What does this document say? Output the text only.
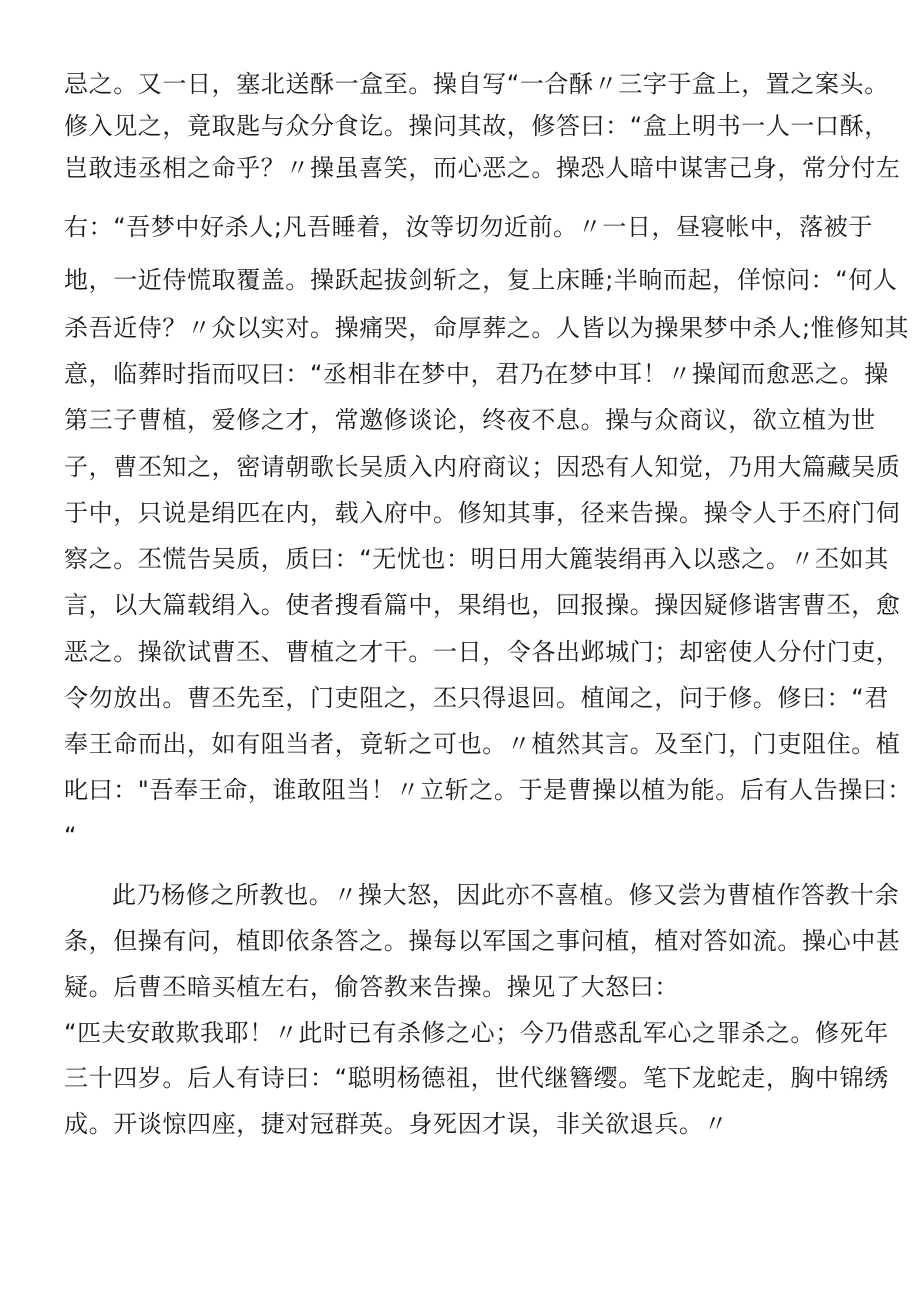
忌之。又一日，塞北送酥一盒至。操自写“一合酥〃三字于盒上，置之案头。

修入见之，竟取匙与众分食讫。操问其故，修答曰：“盒上明书一人一口酥，

岂敢违丞相之命乎？〃操虽喜笑，而心恶之。操恐人暗中谋害己身，常分付左

右：“吾梦中好杀人;凡吾睡着，汝等切勿近前。〃一日，昼寝帐中，落被于

地，一近侍慌取覆盖。操跃起拔剑斩之，复上床睡;半晌而起，佯惊问：“何人

杀吾近侍？〃众以实对。操痛哭，命厚葬之。人皆以为操果梦中杀人;惟修知其

意，临葬时指而叹曰：“丞相非在梦中，君乃在梦中耳！〃操闻而愈恶之。操

第三子曹植，爱修之才，常邀修谈论，终夜不息。操与众商议，欲立植为世

子，曹丕知之，密请朝歌长吴质入内府商议；因恐有人知觉，乃用大篇藏吴质

于中，只说是绢匹在内，载入府中。修知其事，径来告操。操令人于丕府门伺

察之。丕慌告吴质，质曰：“无忧也：明日用大簏装绢再入以惑之。〃丕如其

言，以大篇载绢入。使者搜看篇中，果绢也，回报操。操因疑修谐害曹丕，愈

恶之。操欲试曹丕、曹植之才干。一日，令各出邺城门；却密使人分付门吏，

令勿放出。曹丕先至，门吏阻之，丕只得退回。植闻之，问于修。修曰：“君

奉王命而出，如有阻当者，竟斩之可也。〃植然其言。及至门，门吏阻住。植

叱曰："吾奉王命，谁敢阻当！〃立斩之。于是曹操以植为能。后有人告操曰：

“

此乃杨修之所教也。〃操大怒，因此亦不喜植。修又尝为曹植作答教十余

条，但操有问，植即依条答之。操每以军国之事问植，植对答如流。操心中甚

疑。后曹丕暗买植左右，偷答教来告操。操见了大怒曰：

“匹夫安敢欺我耶！〃此时已有杀修之心；今乃借惑乱军心之罪杀之。修死年

三十四岁。后人有诗曰：“聪明杨德祖，世代继簪缨。笔下龙蛇走，胸中锦绣

成。开谈惊四座，捷对冠群英。身死因才误，非关欲退兵。〃
